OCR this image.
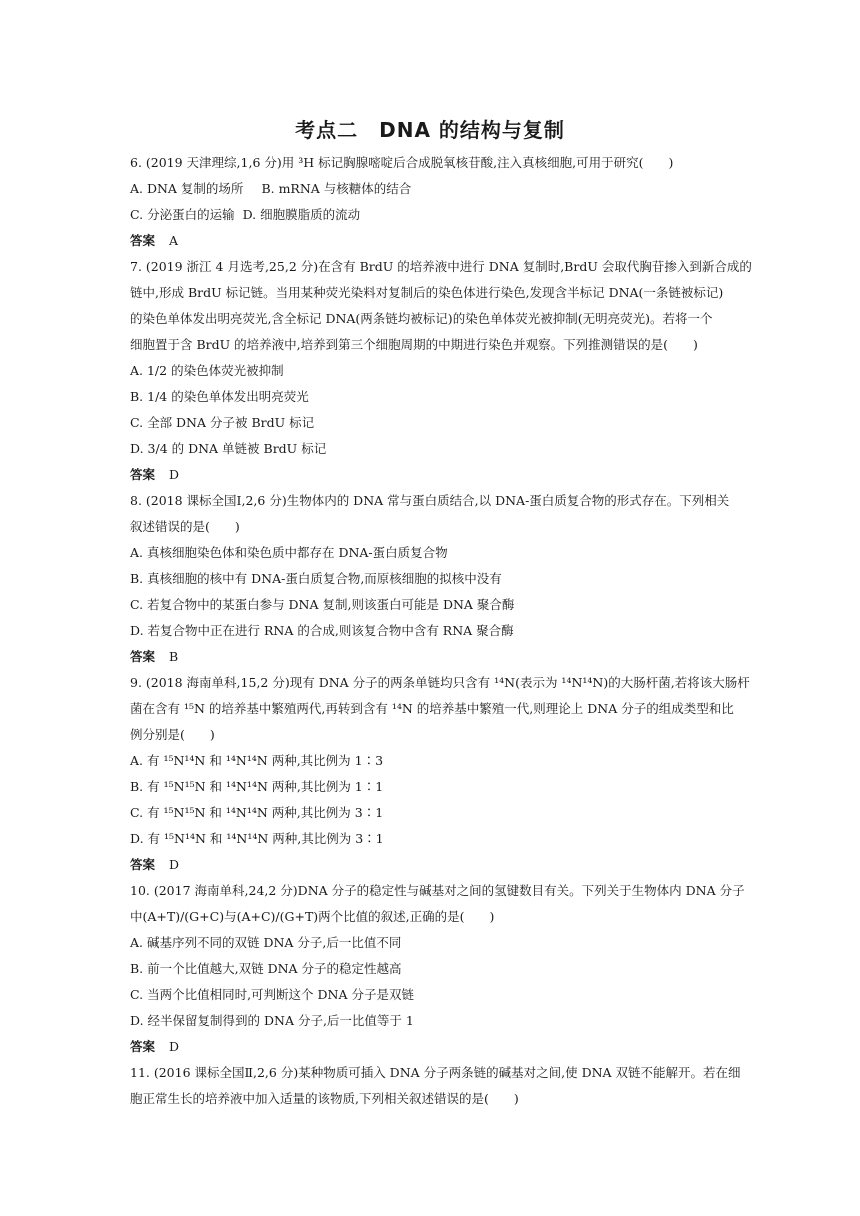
考点二　DNA 的结构与复制
6. (2019 天津理综,1,6 分)用 ³H 标记胸腺嘧啶后合成脱氧核苷酸,注入真核细胞,可用于研究(　　)
A. DNA 复制的场所 B. mRNA 与核糖体的结合
C. 分泌蛋白的运输 D. 细胞膜脂质的流动
答案 A
7. (2019 浙江 4 月选考,25,2 分)在含有 BrdU 的培养液中进行 DNA 复制时,BrdU 会取代胸苷掺入到新合成的
链中,形成 BrdU 标记链。当用某种荧光染料对复制后的染色体进行染色,发现含半标记 DNA(一条链被标记)
的染色单体发出明亮荧光,含全标记 DNA(两条链均被标记)的染色单体荧光被抑制(无明亮荧光)。若将一个
细胞置于含 BrdU 的培养液中,培养到第三个细胞周期的中期进行染色并观察。下列推测错误的是(　　)
A. 1/2 的染色体荧光被抑制
B. 1/4 的染色单体发出明亮荧光
C. 全部 DNA 分子被 BrdU 标记
D. 3/4 的 DNA 单链被 BrdU 标记
答案 D
8. (2018 课标全国Ⅰ,2,6 分)生物体内的 DNA 常与蛋白质结合,以 DNA-蛋白质复合物的形式存在。下列相关
叙述错误的是(　　)
A. 真核细胞染色体和染色质中都存在 DNA-蛋白质复合物
B. 真核细胞的核中有 DNA-蛋白质复合物,而原核细胞的拟核中没有
C. 若复合物中的某蛋白参与 DNA 复制,则该蛋白可能是 DNA 聚合酶
D. 若复合物中正在进行 RNA 的合成,则该复合物中含有 RNA 聚合酶
答案 B
9. (2018 海南单科,15,2 分)现有 DNA 分子的两条单链均只含有 ¹⁴N(表示为 ¹⁴N¹⁴N)的大肠杆菌,若将该大肠杆
菌在含有 ¹⁵N 的培养基中繁殖两代,再转到含有 ¹⁴N 的培养基中繁殖一代,则理论上 DNA 分子的组成类型和比
例分别是(　　)
A. 有 ¹⁵N¹⁴N 和 ¹⁴N¹⁴N 两种,其比例为 1∶3
B. 有 ¹⁵N¹⁵N 和 ¹⁴N¹⁴N 两种,其比例为 1∶1
C. 有 ¹⁵N¹⁵N 和 ¹⁴N¹⁴N 两种,其比例为 3∶1
D. 有 ¹⁵N¹⁴N 和 ¹⁴N¹⁴N 两种,其比例为 3∶1
答案 D
10. (2017 海南单科,24,2 分)DNA 分子的稳定性与碱基对之间的氢键数目有关。下列关于生物体内 DNA 分子
中(A+T)/(G+C)与(A+C)/(G+T)两个比值的叙述,正确的是(　　)
A. 碱基序列不同的双链 DNA 分子,后一比值不同
B. 前一个比值越大,双链 DNA 分子的稳定性越高
C. 当两个比值相同时,可判断这个 DNA 分子是双链
D. 经半保留复制得到的 DNA 分子,后一比值等于 1
答案 D
11. (2016 课标全国Ⅱ,2,6 分)某种物质可插入 DNA 分子两条链的碱基对之间,使 DNA 双链不能解开。若在细
胞正常生长的培养液中加入适量的该物质,下列相关叙述错误的是(　　)
